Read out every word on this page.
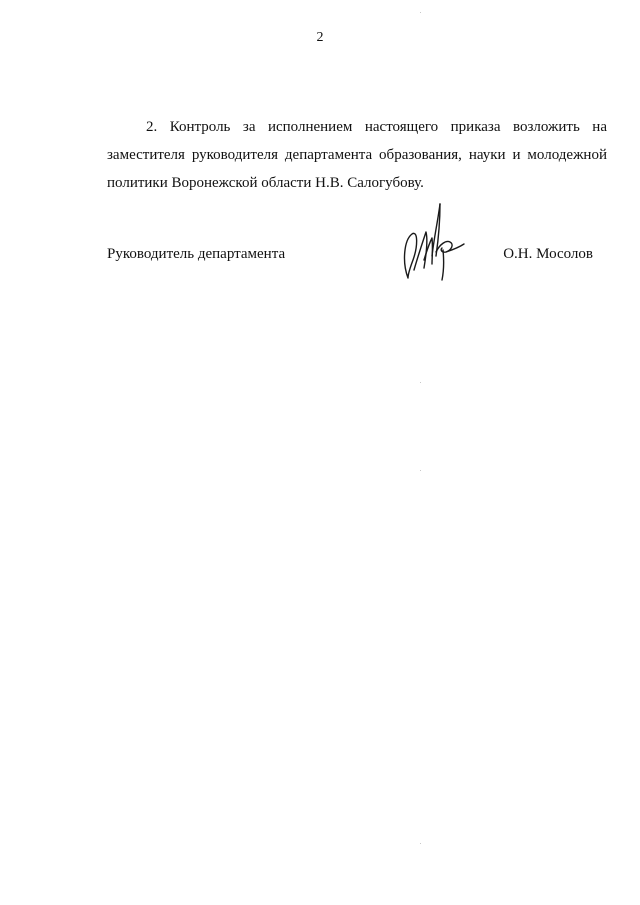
2

2. Контроль за исполнением настоящего приказа возложить на заместителя руководителя департамента образования, науки и молодежной политики Воронежской области Н.В. Салогубову.

Руководитель департамента	О.Н. Мосолов
